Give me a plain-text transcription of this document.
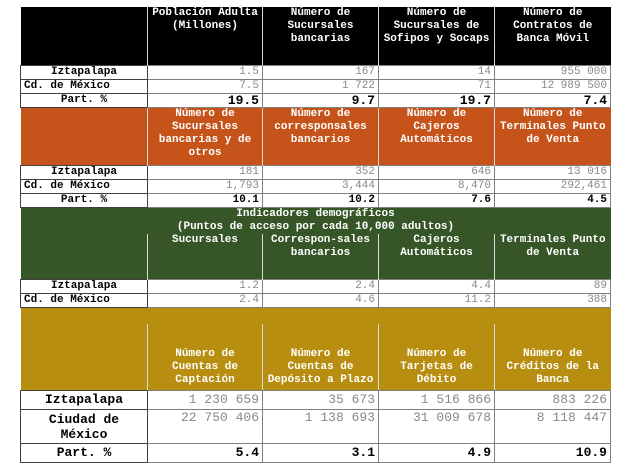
	Población Adulta (Millones)	Número de Sucursales bancarias	Número de Sucursales de Sofipos y Socaps	Número de Contratos de Banca Móvil
Iztapalapa	1.5	167	14	955 000
Cd. de México	7.5	1 722	71	12 989 500
Part. %	19.5	9.7	19.7	7.4
	Número de Sucursales bancarias y de otros	Número de corresponsales bancarios	Número de Cajeros Automáticos	Número de Terminales Punto de Venta
Iztapalapa	181	352	646	13 016
Cd. de México	1,793	3,444	8,470	292,461
Part. %	10.1	10.2	7.6	4.5

Indicadores demográficos
(Puntos de acceso por cada 10,000 adultos)				

	Sucursales	Correspon-sales bancarios	Cajeros Automáticos	Terminales Punto de Venta
Iztapalapa	1.2	2.4	4.4	89
Cd. de México	2.4	4.6	11.2	388

	Número de Cuentas de Captación	Número de Cuentas de Depósito a Plazo	Número de Tarjetas de Débito	Número de Créditos de la Banca
Iztapalapa	1 230 659	35 673	1 516 866	883 226
Ciudad de México	22 750 406	1 138 693	31 009 678	8 118 447
Part. %	5.4	3.1	4.9	10.9
